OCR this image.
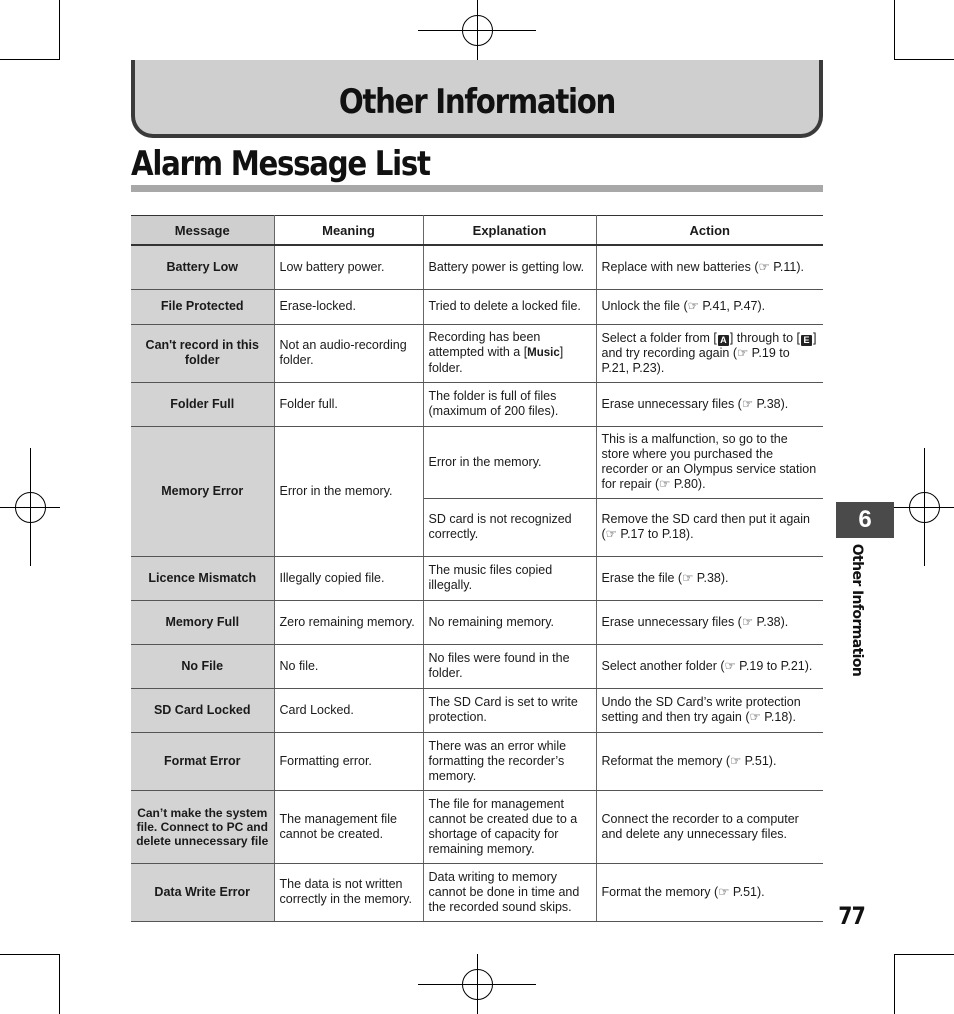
Other Information
Alarm Message List
Message	Meaning	Explanation	Action
Battery Low	Low battery power.	Battery power is getting low.	Replace with new batteries (☞ P.11).
File Protected	Erase-locked.	Tried to delete a locked file.	Unlock the file (☞ P.41, P.47).
Can't record in this folder	Not an audio-recording folder.	Recording has been attempted with a [Music] folder.	Select a folder from [ A ] through to [ E ] and try recording again (☞ P.19 to P.21, P.23).
Folder Full	Folder full.	The folder is full of files (maximum of 200 files).	Erase unnecessary files (☞ P.38).
Memory Error	Error in the memory.	Error in the memory.	This is a malfunction, so go to the store where you purchased the recorder or an Olympus service station for repair (☞ P.80).
		SD card is not recognized correctly.	Remove the SD card then put it again (☞ P.17 to P.18).
Licence Mismatch	Illegally copied file.	The music files copied illegally.	Erase the file (☞ P.38).
Memory Full	Zero remaining memory.	No remaining memory.	Erase unnecessary files (☞ P.38).
No File	No file.	No files were found in the folder.	Select another folder (☞ P.19 to P.21).
SD Card Locked	Card Locked.	The SD Card is set to write protection.	Undo the SD Card’s write protection setting and then try again (☞ P.18).
Format Error	Formatting error.	There was an error while formatting the recorder’s memory.	Reformat the memory (☞ P.51).
Can’t make the system file. Connect to PC and delete unnecessary file	The management file cannot be created.	The file for management cannot be created due to a shortage of capacity for remaining memory.	Connect the recorder to a computer and delete any unnecessary files.
Data Write Error	The data is not written correctly in the memory.	Data writing to memory cannot be done in time and the recorded sound skips.	Format the memory (☞ P.51).
6
Other Information
77
